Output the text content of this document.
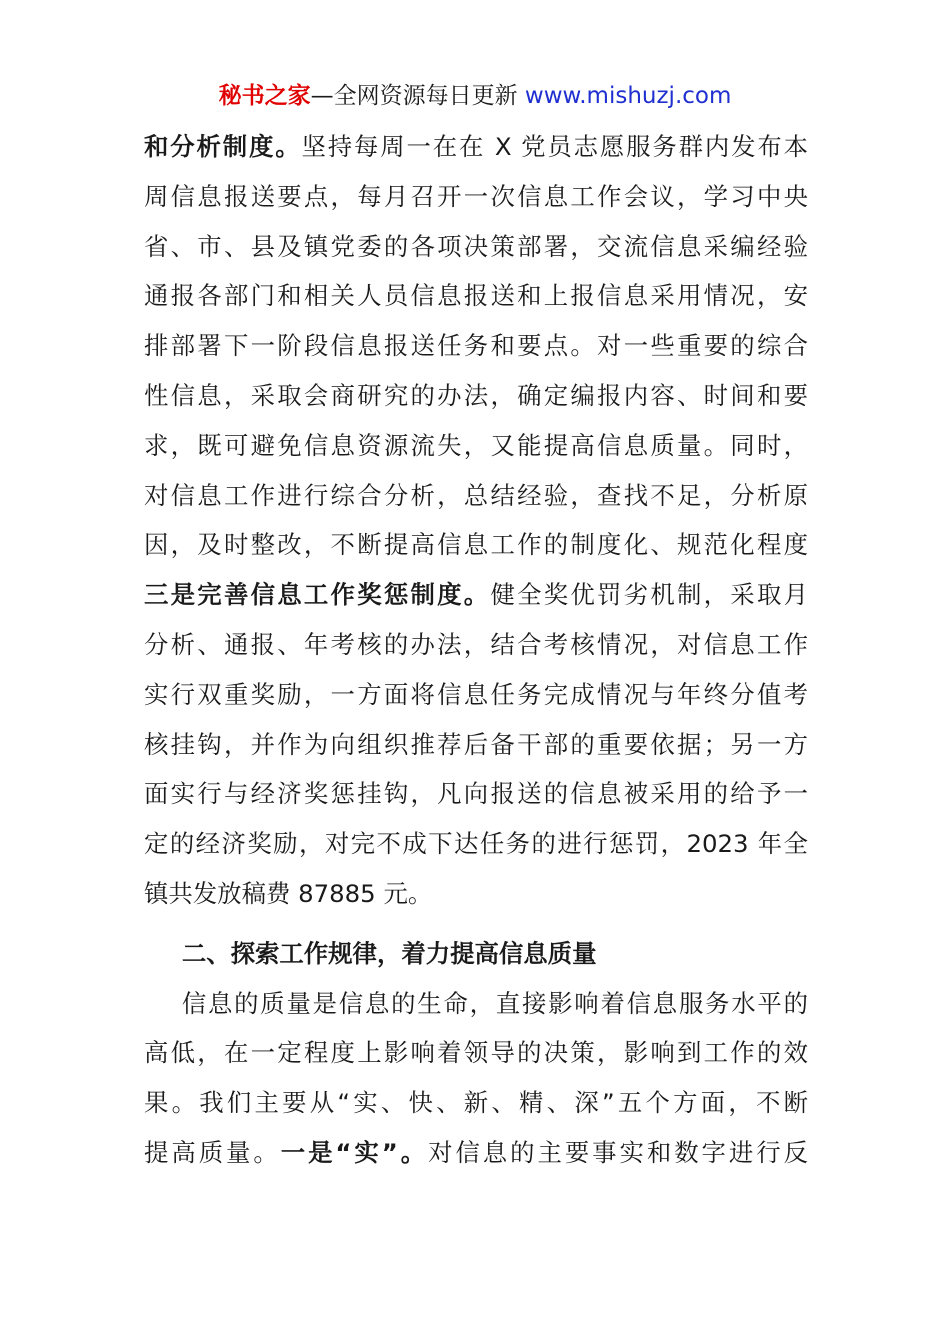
秘书之家—全网资源每日更新 www.mishuzj.com
和分析制度。坚持每周一在在 X 党员志愿服务群内发布本
周信息报送要点，每月召开一次信息工作会议，学习中央
省、市、县及镇党委的各项决策部署，交流信息采编经验
通报各部门和相关人员信息报送和上报信息采用情况，安
排部署下一阶段信息报送任务和要点。对一些重要的综合
性信息，采取会商研究的办法，确定编报内容、时间和要
求，既可避免信息资源流失，又能提高信息质量。同时，
对信息工作进行综合分析，总结经验，查找不足，分析原
因，及时整改，不断提高信息工作的制度化、规范化程度
三是完善信息工作奖惩制度。健全奖优罚劣机制，采取月
分析、通报、年考核的办法，结合考核情况，对信息工作
实行双重奖励，一方面将信息任务完成情况与年终分值考
核挂钩，并作为向组织推荐后备干部的重要依据；另一方
面实行与经济奖惩挂钩，凡向报送的信息被采用的给予一
定的经济奖励，对完不成下达任务的进行惩罚，2023 年全
镇共发放稿费 87885 元。
二、探索工作规律，着力提高信息质量
信息的质量是信息的生命，直接影响着信息服务水平的
高低，在一定程度上影响着领导的决策，影响到工作的效
果。我们主要从“实、快、新、精、深”五个方面，不断
提高质量。一是“实”。对信息的主要事实和数字进行反
